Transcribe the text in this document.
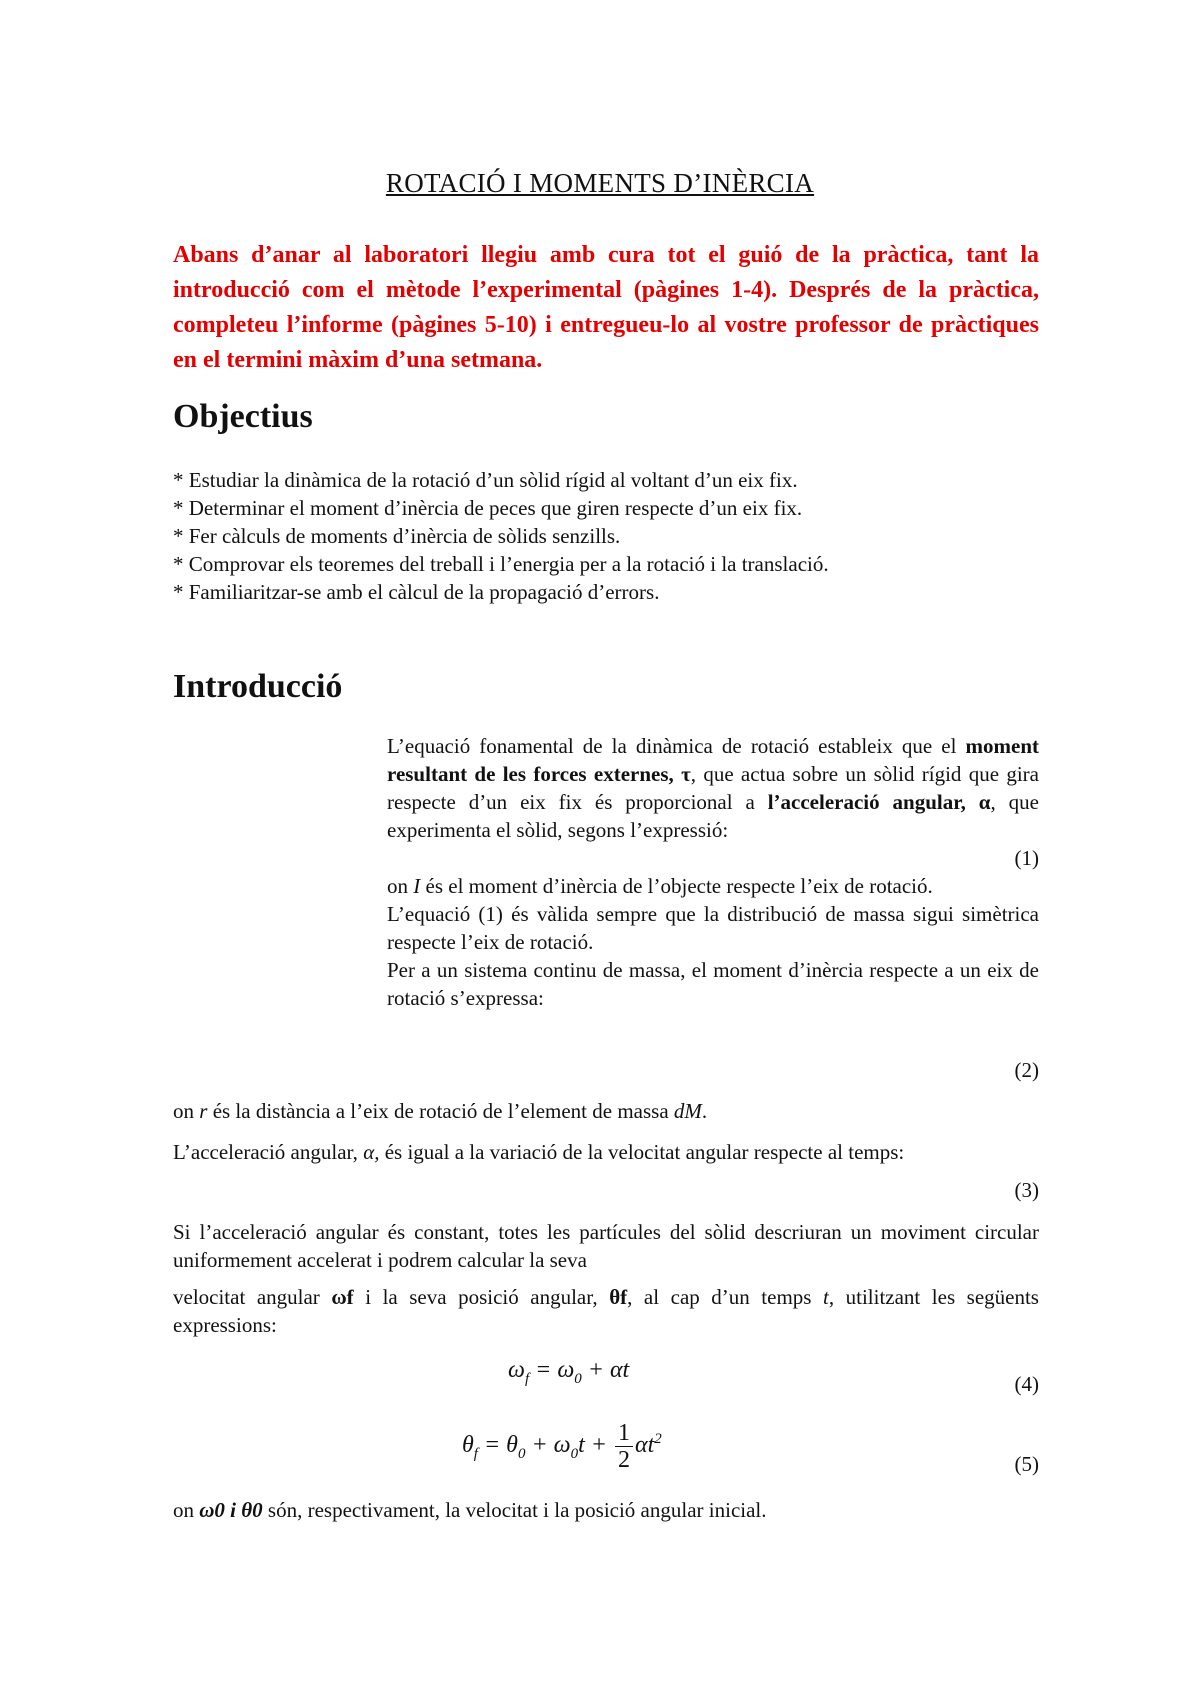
ROTACIÓ I MOMENTS D’INÈRCIA

Abans d’anar al laboratori llegiu amb cura tot el guió de la pràctica, tant la introducció com el mètode l’experimental (pàgines 1-4). Després de la pràctica, completeu l’informe (pàgines 5-10) i entregueu-lo al vostre professor de pràctiques en el termini màxim d’una setmana.

Objectius
* Estudiar la dinàmica de la rotació d’un sòlid rígid al voltant d’un eix fix.
* Determinar el moment d’inèrcia de peces que giren respecte d’un eix fix.
* Fer càlculs de moments d’inèrcia de sòlids senzills.
* Comprovar els teoremes del treball i l’energia per a la rotació i la translació.
* Familiaritzar-se amb el càlcul de la propagació d’errors.
Introducció

L’equació fonamental de la dinàmica de rotació estableix que el moment resultant de les forces externes, τ, que actua sobre un sòlid rígid que gira respecte d’un eix fix és proporcional a l’acceleració angular, α, que experimenta el sòlid, segons l’expressió:

(1)

on I és el moment d’inèrcia de l’objecte respecte l’eix de rotació.

L’equació (1) és vàlida sempre que la distribució de massa sigui simètrica respecte l’eix de rotació.

Per a un sistema continu de massa, el moment d’inèrcia respecte a un eix de rotació s’expressa:

(2)

on r és la distància a l’eix de rotació de l’element de massa dM.

L’acceleració angular, α, és igual a la variació de la velocitat angular respecte al temps:

(3)

Si l’acceleració angular és constant, totes les partícules del sòlid descriuran un moviment circular uniformement accelerat i podrem calcular la seva

velocitat angular ωf i la seva posició angular, θf, al cap d’un temps t, utilitzant les següents expressions:

$\omega_f = \omega_0 + \alpha t$
(4)
$\theta_f = \theta_0 + \omega_0t + \frac{1}{2} \alpha t^2$
(5)

on ω0 i θ0 són, respectivament, la velocitat i la posició angular inicial.
